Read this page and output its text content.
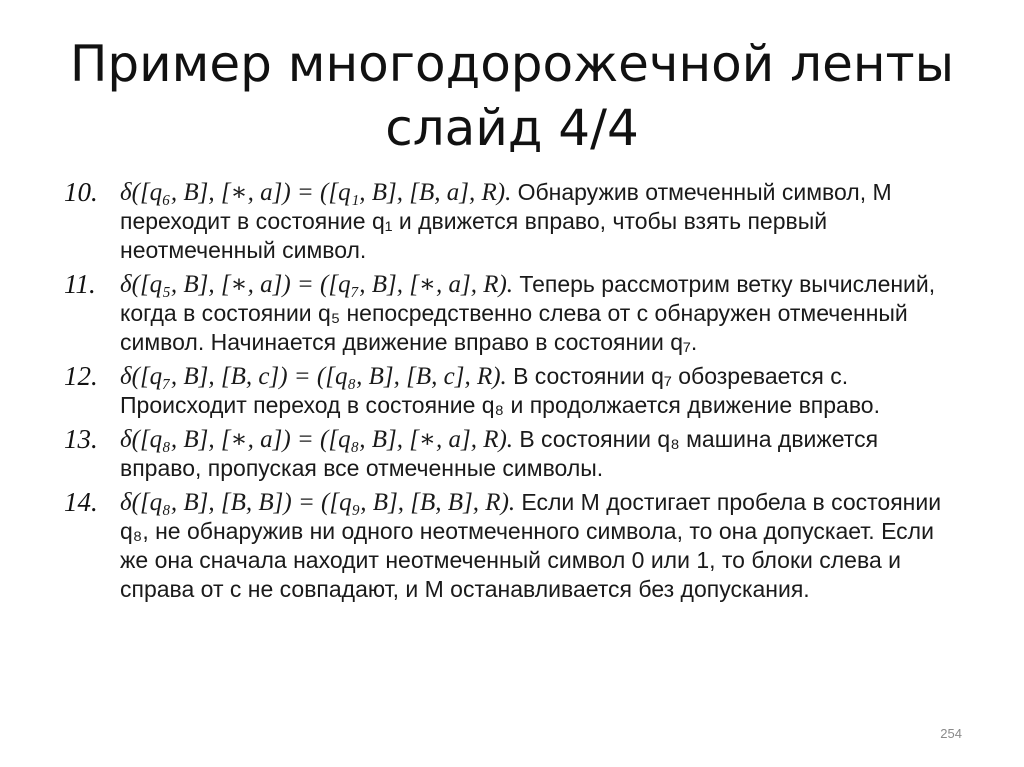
Пример многодорожечной ленты
слайд 4/4
10. δ([q₆, B], [∗, a]) = ([q₁, B], [B, a], R). Обнаружив отмеченный символ, M переходит в состояние q₁ и движется вправо, чтобы взять первый неотмеченный символ.
11. δ([q₅, B], [∗, a]) = ([q₇, B], [∗, a], R). Теперь рассмотрим ветку вычислений, когда в состоянии q₅ непосредственно слева от c обнаружен отмеченный символ. Начинается движение вправо в состоянии q₇.
12. δ([q₇, B], [B, c]) = ([q₈, B], [B, c], R). В состоянии q₇ обозревается c. Происходит переход в состояние q₈ и продолжается движение вправо.
13. δ([q₈, B], [∗, a]) = ([q₈, B], [∗, a], R). В состоянии q₈ машина движется вправо, пропуская все отмеченные символы.
14. δ([q₈, B], [B, B]) = ([q₉, B], [B, B], R). Если M достигает пробела в состоянии q₈, не обнаружив ни одного неотмеченного символа, то она допускает. Если же она сначала находит неотмеченный символ 0 или 1, то блоки слева и справа от c не совпадают, и M останавливается без допускания.
254
